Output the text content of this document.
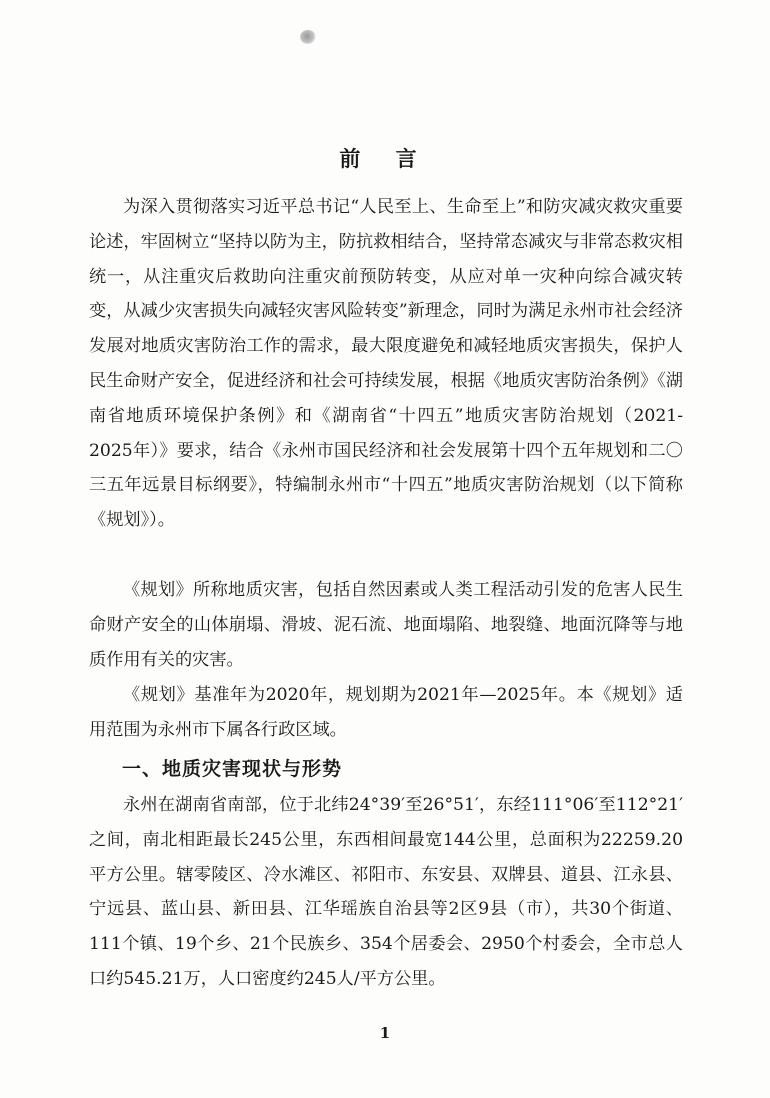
前 言
为深入贯彻落实习近平总书记“人民至上、生命至上”和防灾减灾救灾重要论述，牢固树立“坚持以防为主，防抗救相结合，坚持常态减灾与非常态救灾相统一，从注重灾后救助向注重灾前预防转变，从应对单一灾种向综合减灾转变，从减少灾害损失向减轻灾害风险转变”新理念，同时为满足永州市社会经济发展对地质灾害防治工作的需求，最大限度避免和减轻地质灾害损失，保护人民生命财产安全，促进经济和社会可持续发展，根据《地质灾害防治条例》《湖南省地质环境保护条例》和《湖南省“十四五”地质灾害防治规划（2021- 2025年）》要求，结合《永州市国民经济和社会发展第十四个五年规划和二〇三五年远景目标纲要》，特编制永州市“十四五”地质灾害防治规划（以下简称《规划》）。
《规划》所称地质灾害，包括自然因素或人类工程活动引发的危害人民生命财产安全的山体崩塌、滑坡、泥石流、地面塌陷、地裂缝、地面沉降等与地质作用有关的灾害。
《规划》基准年为2020年，规划期为2021年—2025年。本《规划》适用范围为永州市下属各行政区域。
一、地质灾害现状与形势
永州在湖南省南部，位于北纬24°39′至26°51′，东经111°06′至112°21′之间，南北相距最长245公里，东西相间最宽144公里，总面积为22259.20平方公里。辖零陵区、冷水滩区、祁阳市、东安县、双牌县、道县、江永县、宁远县、蓝山县、新田县、江华瑶族自治县等2区9县（市），共30个街道、111个镇、19个乡、21个民族乡、354个居委会、2950个村委会，全市总人口约545.21万，人口密度约245人/平方公里。
1
